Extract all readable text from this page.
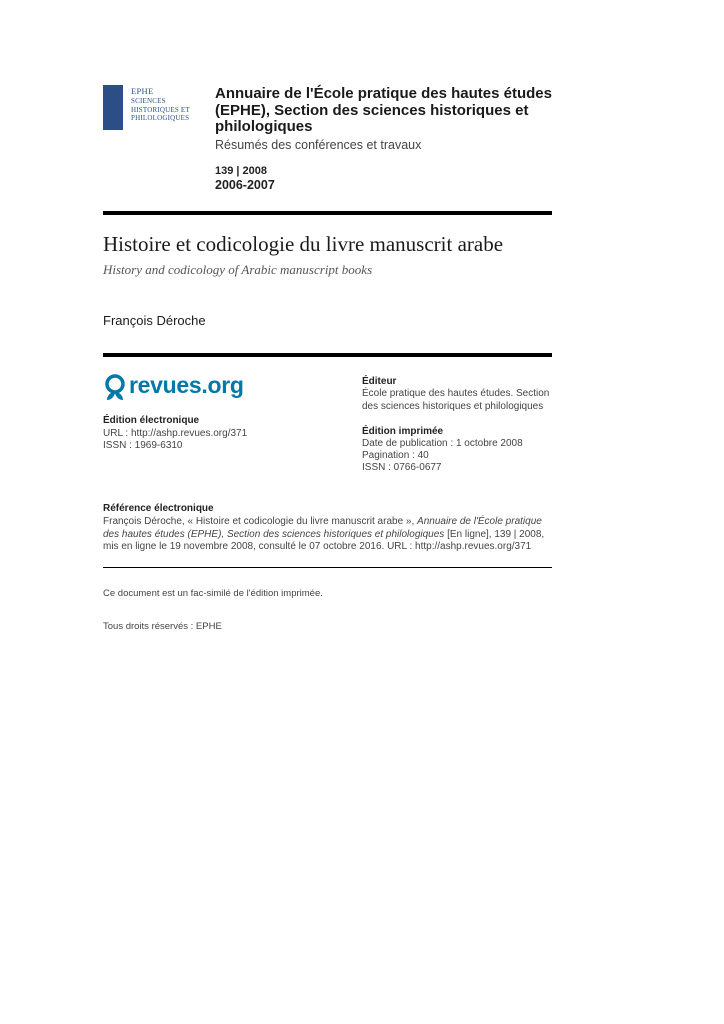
EPHE
SCIENCES HISTORIQUES ET PHILOLOGIQUES
Annuaire de l'École pratique des hautes études (EPHE), Section des sciences historiques et philologiques
Résumés des conférences et travaux
139 | 2008
2006-2007
Histoire et codicologie du livre manuscrit arabe
History and codicology of Arabic manuscript books
François Déroche
revues.org
Édition électronique
URL : http://ashp.revues.org/371
ISSN : 1969-6310
Éditeur
École pratique des hautes études. Section des sciences historiques et philologiques
Édition imprimée
Date de publication : 1 octobre 2008
Pagination : 40
ISSN : 0766-0677
Référence électronique
François Déroche, « Histoire et codicologie du livre manuscrit arabe », Annuaire de l'École pratique des hautes études (EPHE), Section des sciences historiques et philologiques [En ligne], 139 | 2008, mis en ligne le 19 novembre 2008, consulté le 07 octobre 2016. URL : http://ashp.revues.org/371
Ce document est un fac-similé de l'édition imprimée.
Tous droits réservés : EPHE
